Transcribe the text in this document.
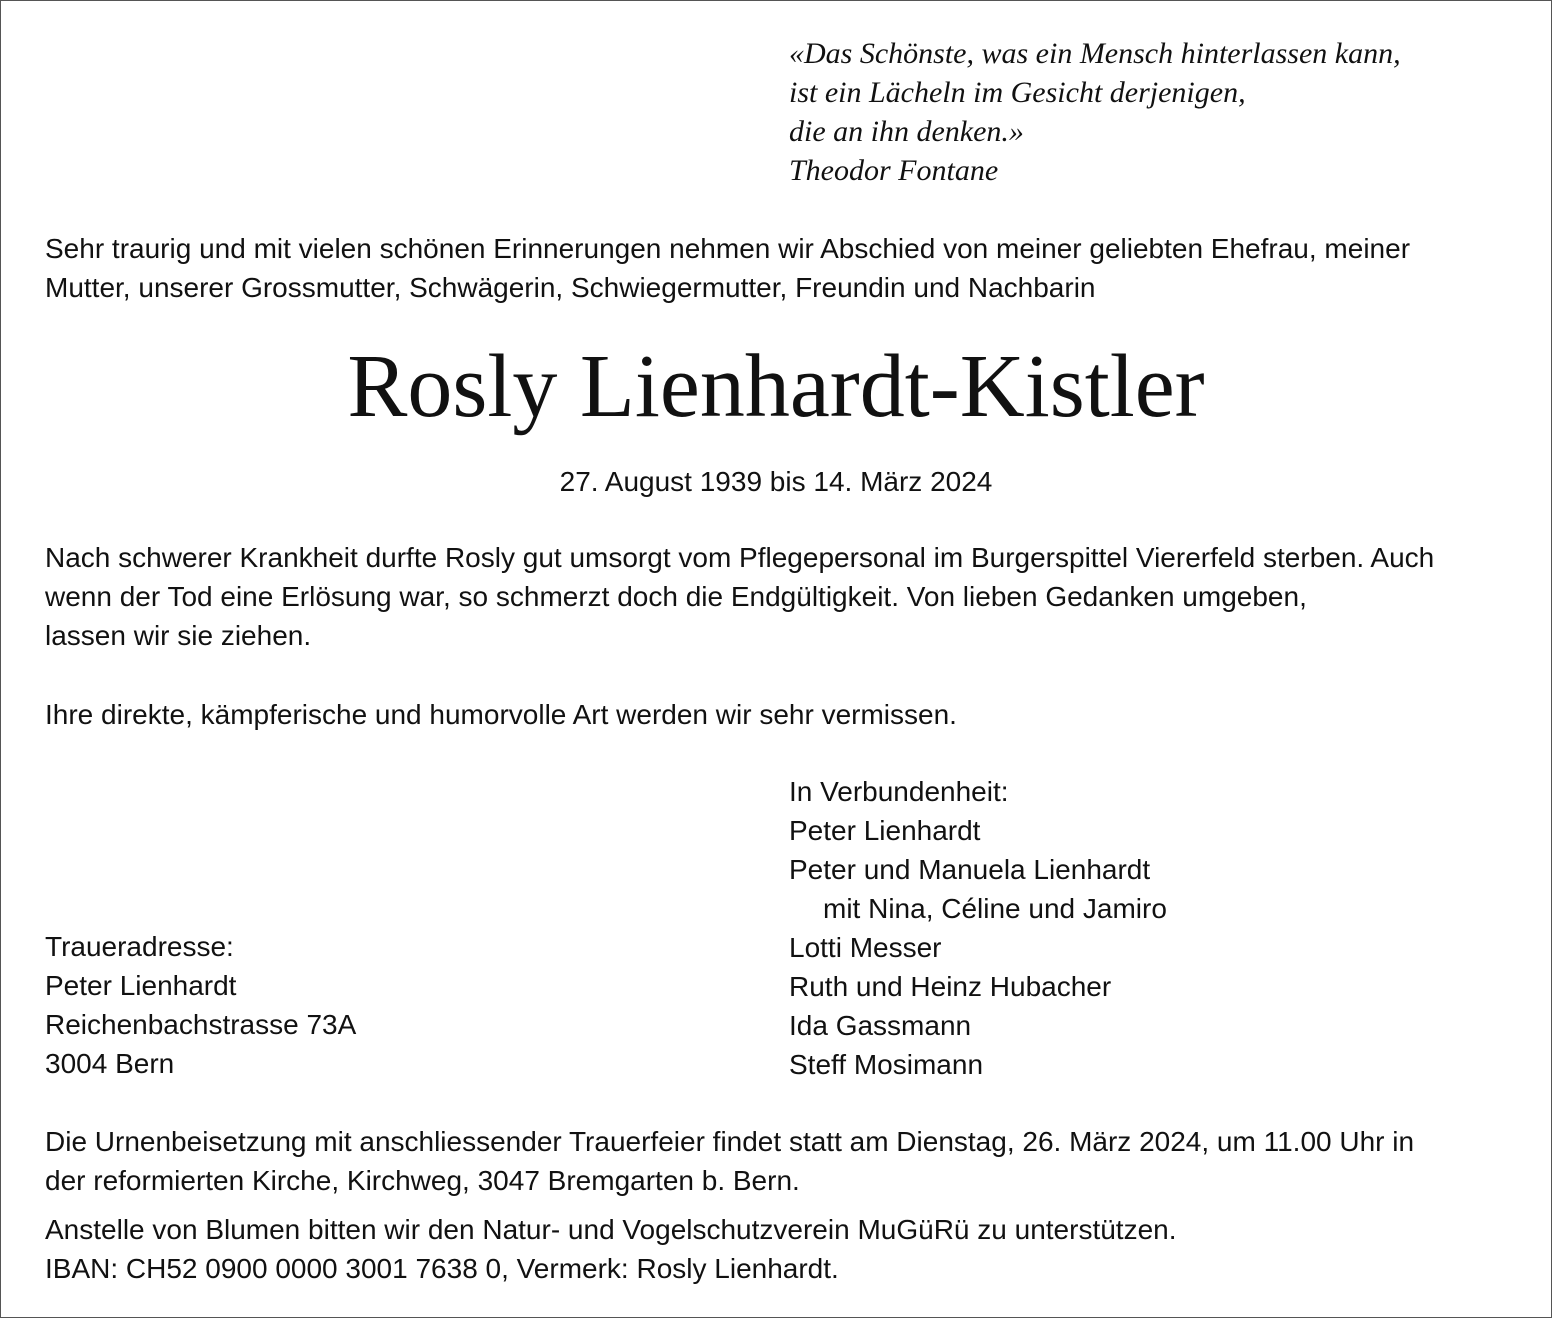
«Das Schönste, was ein Mensch hinterlassen kann,
ist ein Lächeln im Gesicht derjenigen,
die an ihn denken.»
Theodor Fontane
Sehr traurig und mit vielen schönen Erinnerungen nehmen wir Abschied von meiner geliebten Ehefrau, meiner
Mutter, unserer Grossmutter, Schwägerin, Schwiegermutter, Freundin und Nachbarin
Rosly Lienhardt-Kistler
27. August 1939 bis 14. März 2024
Nach schwerer Krankheit durfte Rosly gut umsorgt vom Pflegepersonal im Burgerspittel Viererfeld sterben. Auch
wenn der Tod eine Erlösung war, so schmerzt doch die Endgültigkeit. Von lieben Gedanken umgeben,
lassen wir sie ziehen.
Ihre direkte, kämpferische und humorvolle Art werden wir sehr vermissen.
In Verbundenheit:
Peter Lienhardt
Peter und Manuela Lienhardt
mit Nina, Céline und Jamiro
Lotti Messer
Ruth und Heinz Hubacher
Ida Gassmann
Steff Mosimann
Traueradresse:
Peter Lienhardt
Reichenbachstrasse 73A
3004 Bern
Die Urnenbeisetzung mit anschliessender Trauerfeier findet statt am Dienstag, 26. März 2024, um 11.00 Uhr in
der reformierten Kirche, Kirchweg, 3047 Bremgarten b. Bern.
Anstelle von Blumen bitten wir den Natur- und Vogelschutzverein MuGüRü zu unterstützen.
IBAN: CH52 0900 0000 3001 7638 0, Vermerk: Rosly Lienhardt.
